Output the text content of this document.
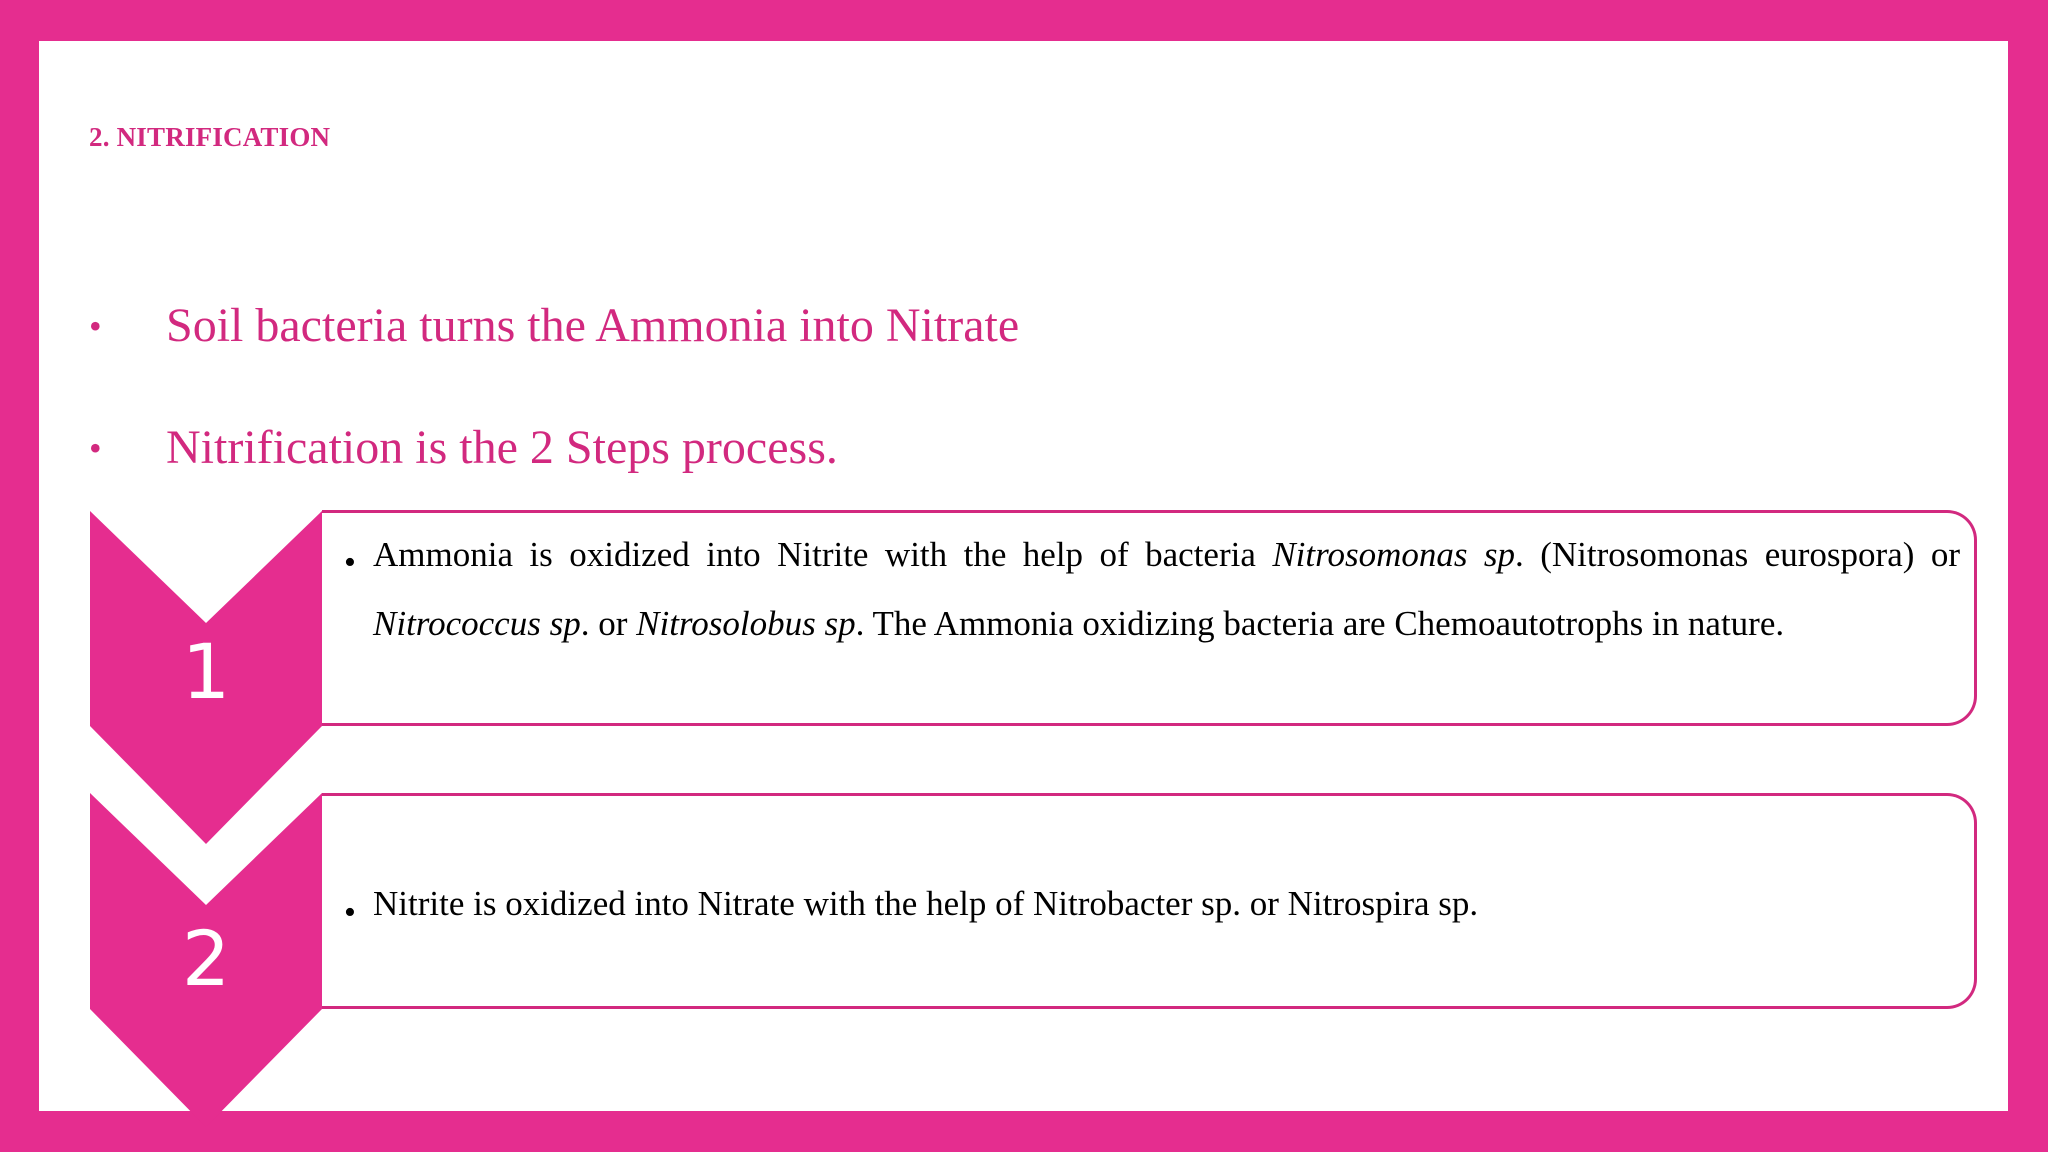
2. NITRIFICATION
•	Soil bacteria turns the Ammonia into Nitrate
•	Nitrification is the 2 Steps process.
• Ammonia is oxidized into Nitrite with the help of bacteria Nitrosomonas sp. (Nitrosomonas eurospora) or Nitrococcus sp. or Nitrosolobus sp. The Ammonia oxidizing bacteria are Chemoautotrophs in nature.
1
• Nitrite is oxidized into Nitrate with the help of Nitrobacter sp. or Nitrospira sp.
2
